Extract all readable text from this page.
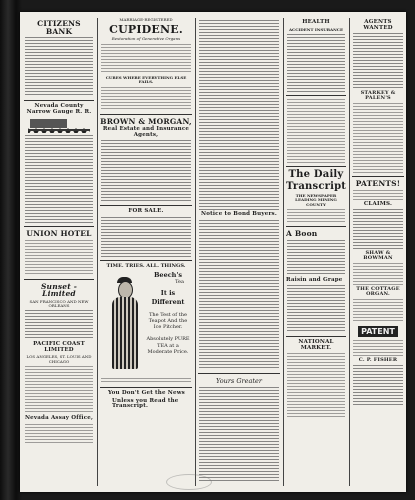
CITIZENS BANK
Nevada County Narrow Gauge R. R.
UNION HOTEL
Sunset - Limited
SAN FRANCISCO AND NEW ORLEANS
PACIFIC COAST LIMITED
LOS ANGELES, ST. LOUIS AND CHICAGO
Nevada Assay Office,
MARRIAGE-REGISTERED
CUPIDENE.
Restoration of Generative Organs
CURES WHERE EVERYTHING ELSE FAILS.
BROWN & MORGAN,
Real Estate and Insurance Agents,
FOR SALE.
TIME. TRIES. ALL. THINGS.
Beech's
Tea
It is Different
The Test of the Teapot And the Ice Pitcher.
Absolutely PURE TEA at a Moderate Price.
You Don't Get the News
Unless you Read the Transcript.
Notice to Bond Buyers.
Yours Greater
HEALTH
ACCIDENT INSURANCE
The Daily
Transcript
THE NEWSPAPER
LEADING MINING COUNTY
A Boon
Raisin and Grape
NATIONAL MARKET.
AGENTS WANTED
STARKEY & PALEN'S
PATENTS!
CLAIMS.
SHAW & BOWMAN
THE COTTAGE ORGAN.
PATENT
C. P. FISHER
